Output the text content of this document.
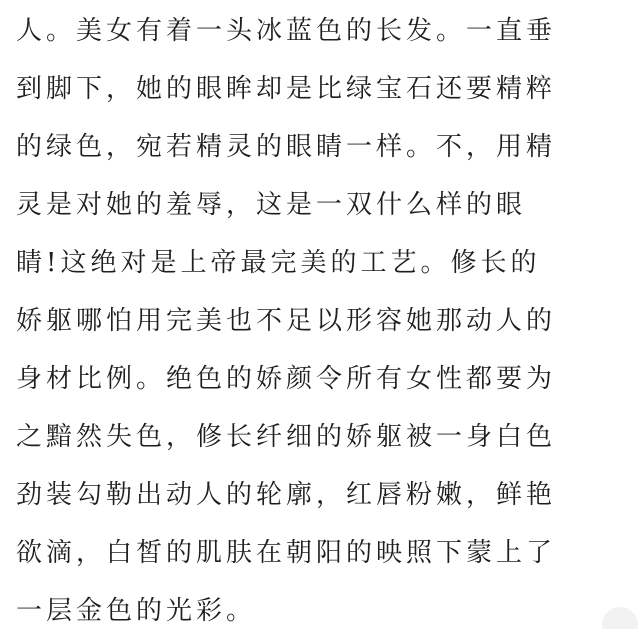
人。美女有着一头冰蓝色的长发。一直垂
到脚下，她的眼眸却是比绿宝石还要精粹
的绿色，宛若精灵的眼睛一样。不，用精
灵是对她的羞辱，这是一双什么样的眼
睛!这绝对是上帝最完美的工艺。修长的
娇躯哪怕用完美也不足以形容她那动人的
身材比例。绝色的娇颜令所有女性都要为
之黯然失色，修长纤细的娇躯被一身白色
劲装勾勒出动人的轮廓，红唇粉嫩，鲜艳
欲滴，白皙的肌肤在朝阳的映照下蒙上了
一层金色的光彩。
